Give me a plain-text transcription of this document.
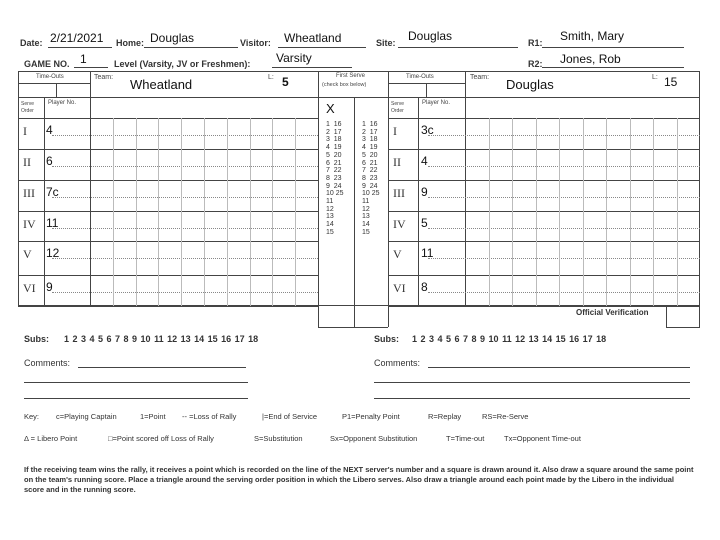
Date: 2/21/2021 Home: Douglas	Visitor: Wheatland	Site: Douglas	R1: Smith, Mary
GAME NO. 1	Level (Varsity, JV or Freshmen): Varsity	R2: Jones, Rob
Official Verification
Time-Outs	Team: Wheatland	L: 5	First Serve
(check box below)
X
Time-Outs	Team: Douglas	L: 15
Serve Order
Player No.	Serve Order
Player No.
I 4	I 3c
II 6	II 4
III 7c	III 9
IV 11	IV 5
V 12	V 11
VI 9	VI 8
1  16
2  17
3  18
4  19
5  20
6  21
7  22
8  23
9  24
10 25
11
12
13
14
15
1  16
2  17
3  18
4  19
5  20
6  21
7  22
8  23
9  24
10 25
11
12
13
14
15
Subs: 1 2 3 4 5 6 7 8 9 10 11 12 13 14 15 16 17 18	Subs: 1 2 3 4 5 6 7 8 9 10 11 12 13 14 15 16 17 18
Comments:	Comments:
Key: c=Playing Captain	1=Point -- =Loss of Rally	|=End of Service	P1=Penalty Point	R=Replay	RS=Re-Serve
Δ = Libero Point	□=Point scored off Loss of Rally	S=Substitution	Sx=Opponent Substitution	T=Time-out	Tx=Opponent Time-out
If the receiving team wins the rally, it receives a point which is recorded on the line of the NEXT server's number and a square is drawn around it. Also draw a square around the same point on the team's running score. Place a triangle around the serving order position in which the Libero serves. Also draw a triangle around each point made by the Libero in the individual score and in the running score.
